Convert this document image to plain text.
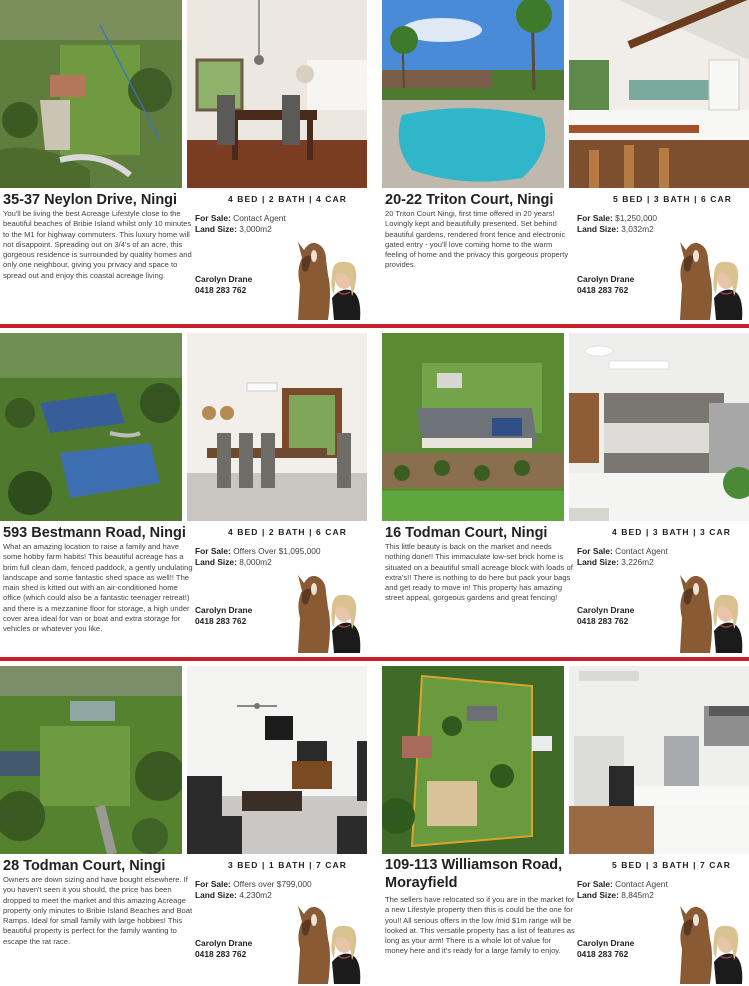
35-37 Neylon Drive, Ningi
You'll be living the best Acreage Lifestyle close to the beautiful beaches of Bribie Island whilst only 10 minutes to the M1 for highway commuters. This luxury home will not disappoint. Spreading out on 3/4's of an acre, this gorgeous residence is surrounded by quality homes and only one neighbour, giving you privacy and space to spread out and enjoy this coastal acreage living.
4 BED | 2 BATH | 4 CAR
For Sale: Contact Agent
Land Size: 3,000m2
Carolyn Drane
0418 283 762
20-22 Triton Court, Ningi
20 Triton Court Ningi, first time offered in 20 years! Lovingly kept and beautifully presented. Set behind beautiful gardens, rendered front fence and electronic gated entry - you'll love coming home to the warm feeling of home and the privacy this gorgeous property provides.
5 BED | 3 BATH | 6 CAR
For Sale: $1,250,000
Land Size: 3,032m2
Carolyn Drane
0418 283 762
593 Bestmann Road, Ningi
What an amazing location to raise a family and have some hobby farm habits! This beautiful acreage has a brim full clean dam, fenced paddock, a gently undulating landscape and some fantastic shed space as well!! The main shed is kitted out with an air-conditioned home office (which could also be a fantastic teenager retreat!) and there is a mezzanine floor for storage, a high under cover area ideal for van or boat and extra storage for vehicles or whatever you like.
4 BED | 2 BATH | 6 CAR
For Sale: Offers Over $1,095,000
Land Size: 8,000m2
Carolyn Drane
0418 283 762
16 Todman Court, Ningi
This little beauty is back on the market and needs nothing done!! This immaculate low-set brick home is situated on a beautiful small acreage block with loads of extra's!! There is nothing to do here but pack your bags and get ready to move in! This property has amazing street appeal, gorgeous gardens and great fencing!
4 BED | 3 BATH | 3 CAR
For Sale: Contact Agent
Land Size: 3,226m2
Carolyn Drane
0418 283 762
28 Todman Court, Ningi
Owners are down sizing and have bought elsewhere. If you haven't seen it you should, the price has been dropped to meet the market and this amazing Acreage property only minutes to Bribie Island Beaches and Boat Ramps. Ideal for small family with large hobbies! This beautiful property is perfect for the family wanting to escape the rat race.
3 BED | 1 BATH | 7 CAR
For Sale: Offers over $799,000
Land Size: 4,230m2
Carolyn Drane
0418 283 762
109-113 Williamson Road, Morayfield
The sellers have relocated so if you are in the market for a new Lifestyle property then this is could be the one for you!! All serious offers in the low /mid $1m range will be looked at. This versatile property has a list of features as long as your arm! There is a whole lot of value for money here and it's ready for a large family to enjoy.
5 BED | 3 BATH | 7 CAR
For Sale: Contact Agent
Land Size: 8,845m2
Carolyn Drane
0418 283 762
